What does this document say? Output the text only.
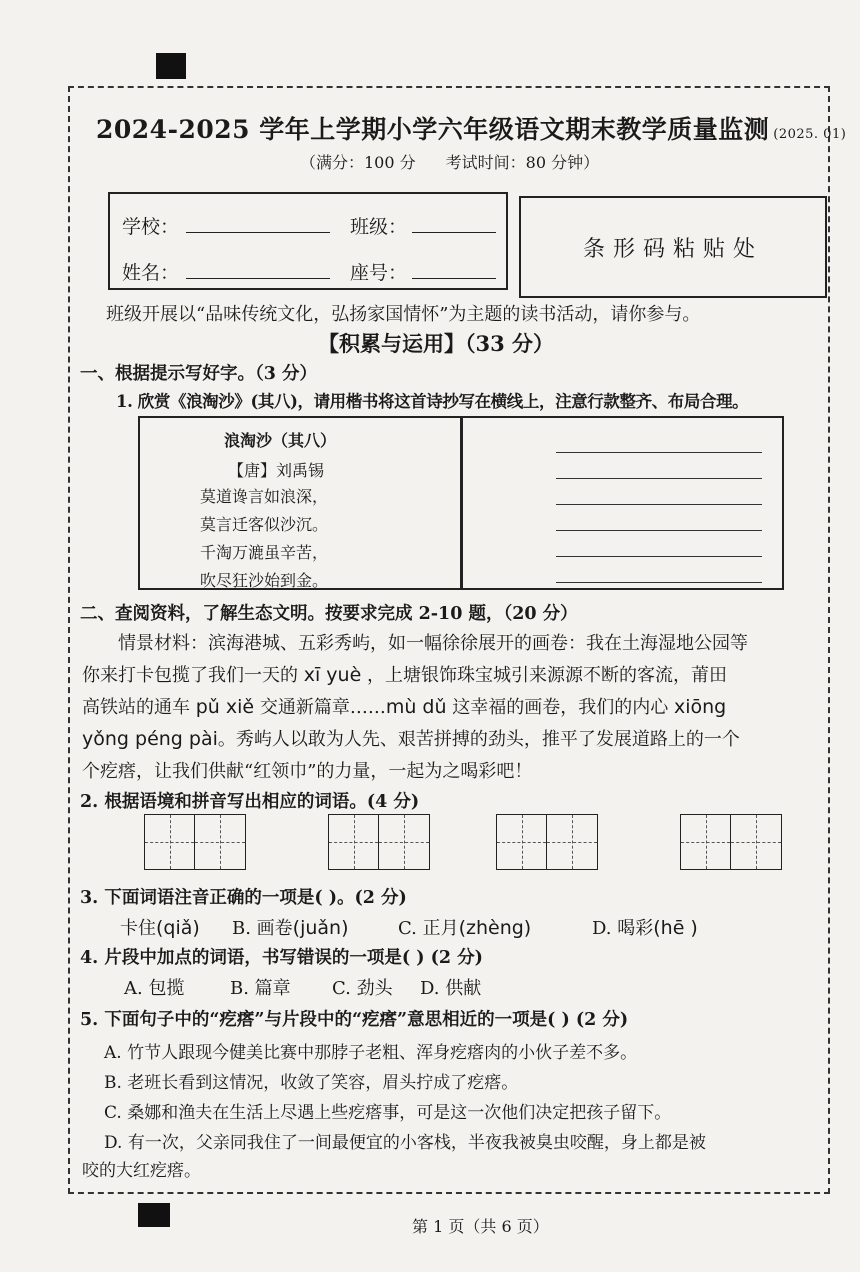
2024-2025 学年上学期小学六年级语文期末教学质量监测 (2025. 01)
（满分：100 分 考试时间：80 分钟）
学校：	班级：
姓名：	座号：
条形码粘贴处
班级开展以“品味传统文化，弘扬家国情怀”为主题的读书活动，请你参与。
【积累与运用】（33 分）
一、根据提示写好字。（3 分）
1. 欣赏《浪淘沙》(其八)，请用楷书将这首诗抄写在横线上，注意行款整齐、布局合理。
浪淘沙（其八）
【唐】刘禹锡
莫道谗言如浪深，
莫言迁客似沙沉。
千淘万漉虽辛苦，
吹尽狂沙始到金。
二、查阅资料，了解生态文明。按要求完成 2-10 题，（20 分）
情景材料：滨海港城、五彩秀屿，如一幅徐徐展开的画卷：我在土海湿地公园等
你来打卡包揽了我们一天的 xī yuè ，上塘银饰珠宝城引来源源不断的客流，莆田
高铁站的通车 pǔ xiě 交通新篇章……mù dǔ 这幸福的画卷，我们的内心 xiōng
yǒng péng pài。秀屿人以敢为人先、艰苦拼搏的劲头，推平了发展道路上的一个
个疙瘩，让我们供献“红领巾”的力量，一起为之喝彩吧！
2. 根据语境和拼音写出相应的词语。(4 分)
3. 下面词语注音正确的一项是( )。(2 分)
卡住(qiǎ) B. 画卷(juǎn)	C. 正月(zhèng)	D. 喝彩(hē )
4. 片段中加点的词语，书写错误的一项是( ) (2 分)
A. 包揽	B. 篇章 C. 劲头 D. 供献
5. 下面句子中的“疙瘩”与片段中的“疙瘩”意思相近的一项是( ) (2 分)
A. 竹节人跟现今健美比赛中那脖子老粗、浑身疙瘩肉的小伙子差不多。
B. 老班长看到这情况，收敛了笑容，眉头拧成了疙瘩。
C. 桑娜和渔夫在生活上尽遇上些疙瘩事，可是这一次他们决定把孩子留下。
D. 有一次，父亲同我住了一间最便宜的小客栈，半夜我被臭虫咬醒，身上都是被
咬的大红疙瘩。
第 1 页（共 6 页）
